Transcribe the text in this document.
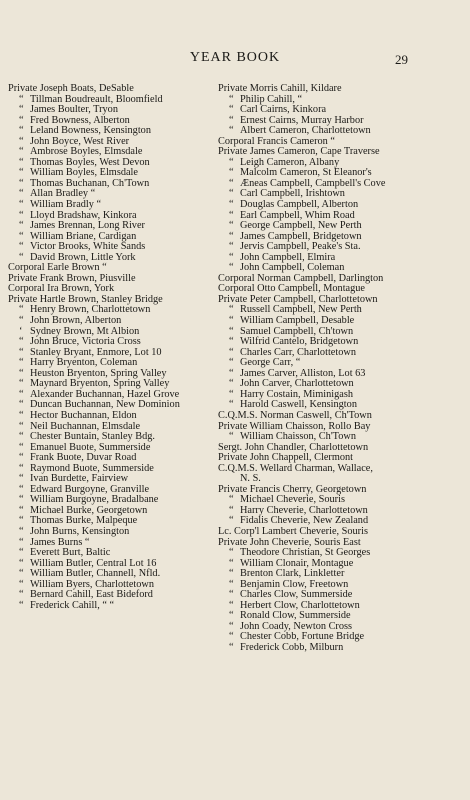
YEAR BOOK	29
Private Joseph Boats, DeSable
“ Tillman Boudreault, Bloomfield
“ James Boulter, Tryon
“ Fred Bowness, Alberton
“ Leland Bowness, Kensington
“ John Boyce, West River
“ Ambrose Boyles, Elmsdale
“ Thomas Boyles, West Devon
“ William Boyles, Elmsdale
“ Thomas Buchanan, Ch'Town
“ Allan Bradley “
“ William Bradly “
“ Lloyd Bradshaw, Kinkora
“ James Brennan, Long River
“ William Briane, Cardigan
“ Victor Brooks, White Sands
“ David Brown, Little York
Corporal Earle Brown “
Private Frank Brown, Piusville
Corporal Ira Brown, York
Private Hartle Brown, Stanley Bridge
“ Henry Brown, Charlottetown
“ John Brown, Alberton
‘ Sydney Brown, Mt Albion
“ John Bruce, Victoria Cross
“ Stanley Bryant, Enmore, Lot 10
“ Harry Bryenton, Coleman
“ Heuston Bryenton, Spring Valley
“ Maynard Bryenton, Spring Valley
“ Alexander Buchannan, Hazel Grove
“ Duncan Buchannan, New Dominion
“ Hector Buchannan, Eldon
“ Neil Buchannan, Elmsdale
“ Chester Buntain, Stanley Bdg.
“ Emanuel Buote, Summerside
“ Frank Buote, Duvar Road
“ Raymond Buote, Summerside
“ Ivan Burdette, Fairview
“ Edward Burgoyne, Granville
“ William Burgoyne, Bradalbane
“ Michael Burke, Georgetown
“ Thomas Burke, Malpeque
“ John Burns, Kensington
“ James Burns “
“ Everett Burt, Baltic
“ William Butler, Central Lot 16
“ William Butler, Channell, Nfld.
“ William Byers, Charlottetown
“ Bernard Cahill, East Bideford
“ Frederick Cahill, “ “
Private Morris Cahill, Kildare
“ Philip Cahill, “
“ Carl Cairns, Kinkora
“ Ernest Cairns, Murray Harbor
“ Albert Cameron, Charlottetown
Corporal Francis Cameron “
Private James Cameron, Cape Traverse
“ Leigh Cameron, Albany
“ Malcolm Cameron, St Eleanor's
“ Æneas Campbell, Campbell's Cove
“ Carl Campbell, Irishtown
“ Douglas Campbell, Alberton
“ Earl Campbell, Whim Road
“ George Campbell, New Perth
“ James Campbell, Bridgetown
“ Jervis Campbell, Peake's Sta.
“ John Campbell, Elmira
“ John Campbell, Coleman
Corporal Norman Campbell, Darlington
Corporal Otto Campbell, Montague
Private Peter Campbell, Charlottetown
“ Russell Campbell, New Perth
“ William Campbell, Desable
“ Samuel Campbell, Ch'town
“ Wilfrid Cantelo, Bridgetown
“ Charles Carr, Charlottetown
“ George Carr, “
“ James Carver, Alliston, Lot 63
“ John Carver, Charlottetown
“ Harry Costain, Miminigash
“ Harold Caswell, Kensington
C.Q.M.S. Norman Caswell, Ch'Town
Private William Chaisson, Rollo Bay
“ William Chaisson, Ch'Town
Sergt. John Chandler, Charlottetown
Private John Chappell, Clermont
C.Q.M.S. Wellard Charman, Wallace,
N. S.
Private Francis Cherry, Georgetown
“ Michael Cheverie, Souris
“ Harry Cheverie, Charlottetown
“ Fidalis Cheverie, New Zealand
Lc. Corp'l Lambert Cheverie, Souris
Private John Cheverie, Souris East
“ Theodore Christian, St Georges
“ William Clonair, Montague
“ Brenton Clark, Linkletter
“ Benjamin Clow, Freetown
“ Charles Clow, Summerside
“ Herbert Clow, Charlottetown
“ Ronald Clow, Summerside
“ John Coady, Newton Cross
“ Chester Cobb, Fortune Bridge
“ Frederick Cobb, Milburn
